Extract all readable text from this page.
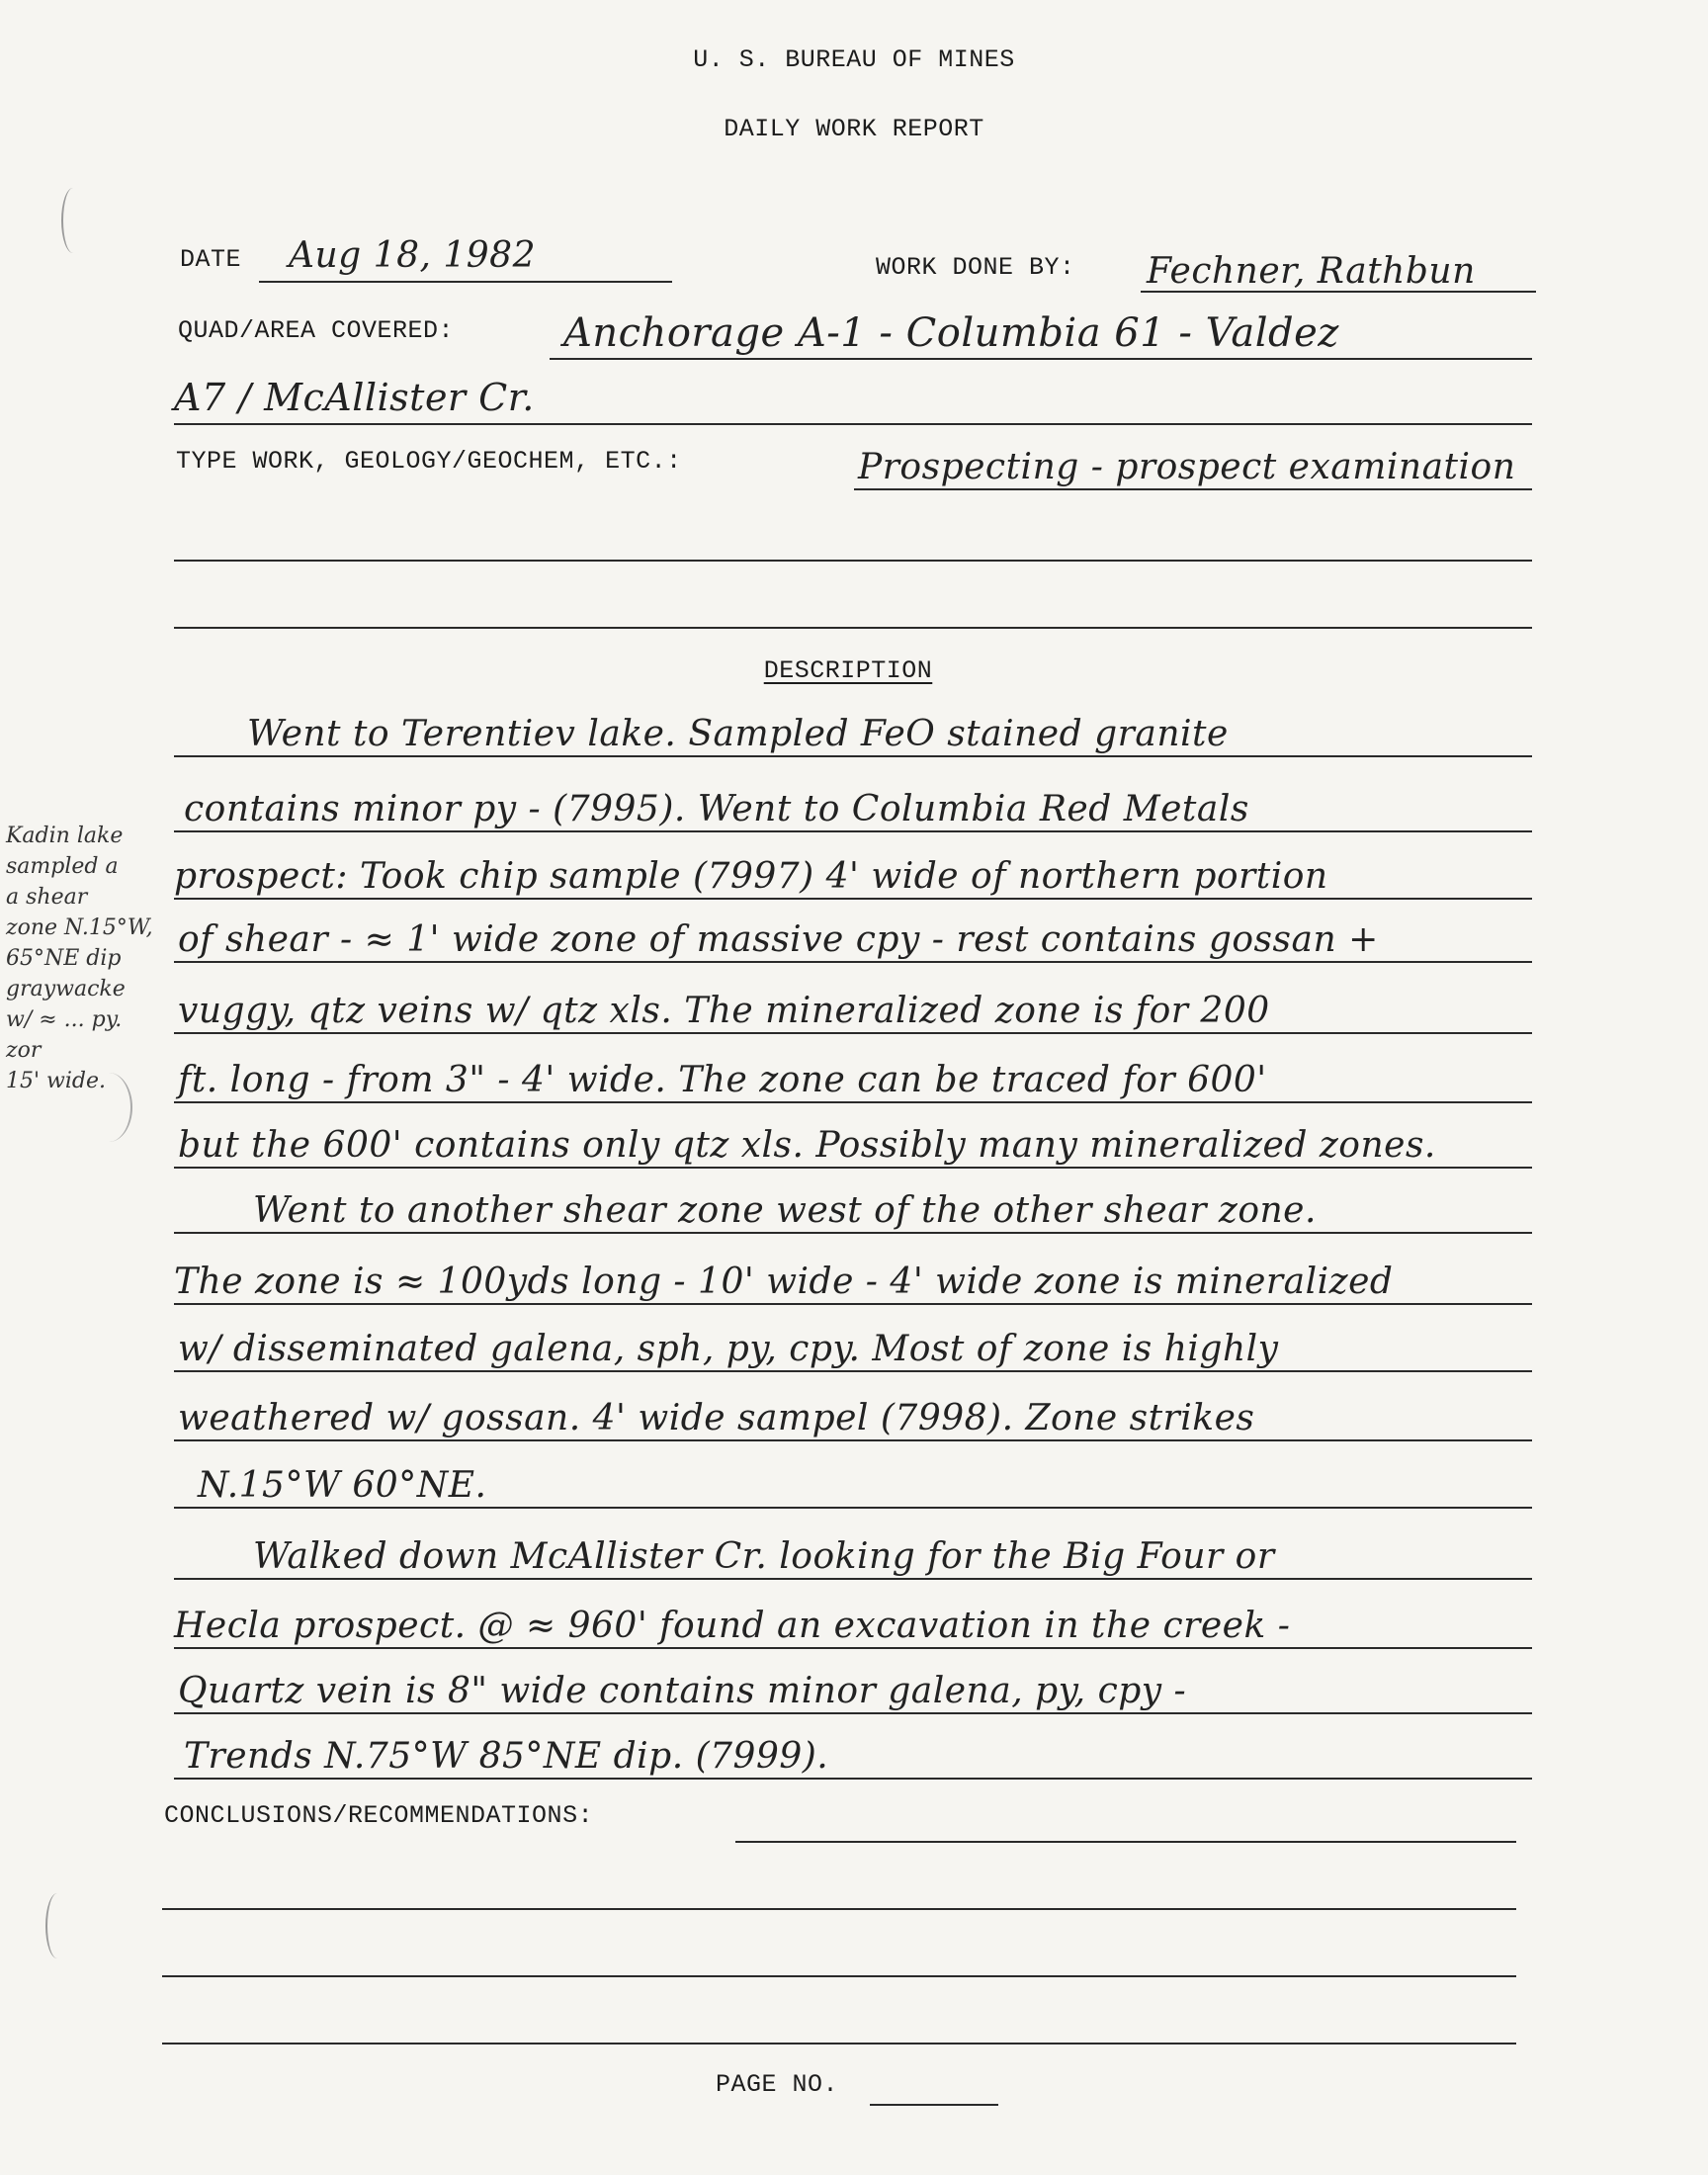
U. S. BUREAU OF MINES
DAILY WORK REPORT
DATE Aug 18, 1982	WORK DONE BY: Fechner, Rathbun
QUAD/AREA COVERED:	Anchorage A-1 - Columbia 61 - Valdez
A7 / McAllister Cr.
TYPE WORK, GEOLOGY/GEOCHEM, ETC.:	Prospecting - prospect examination
DESCRIPTION
Went to Terentiev lake. Sampled FeO stained granite
contains minor py - (7995). Went to Columbia Red Metals
prospect: Took chip sample (7997) 4' wide of northern portion
of shear - ≈ 1' wide zone of massive cpy - rest contains gossan +
vuggy, qtz veins w/ qtz xls. The mineralized zone is for 200
ft. long - from 3" - 4' wide. The zone can be traced for 600'
but the 600' contains only qtz xls. Possibly many mineralized zones.
Went to another shear zone west of the other shear zone.
The zone is ≈ 100yds long - 10' wide - 4' wide zone is mineralized
w/ disseminated galena, sph, py, cpy. Most of zone is highly
weathered w/ gossan. 4' wide sampel (7998). Zone strikes
N.15°W 60°NE.
Walked down McAllister Cr. looking for the Big Four or
Hecla prospect. @ ≈ 960' found an excavation in the creek -
Quartz vein is 8" wide contains minor galena, py, cpy -
Trends N.75°W 85°NE dip. (7999).
Kadin lake
sampled a
a shear
zone N.15°W,
65°NE dip
graywacke
w/ ≈ ... py.
zor
15' wide.
CONCLUSIONS/RECOMMENDATIONS:
PAGE NO.
